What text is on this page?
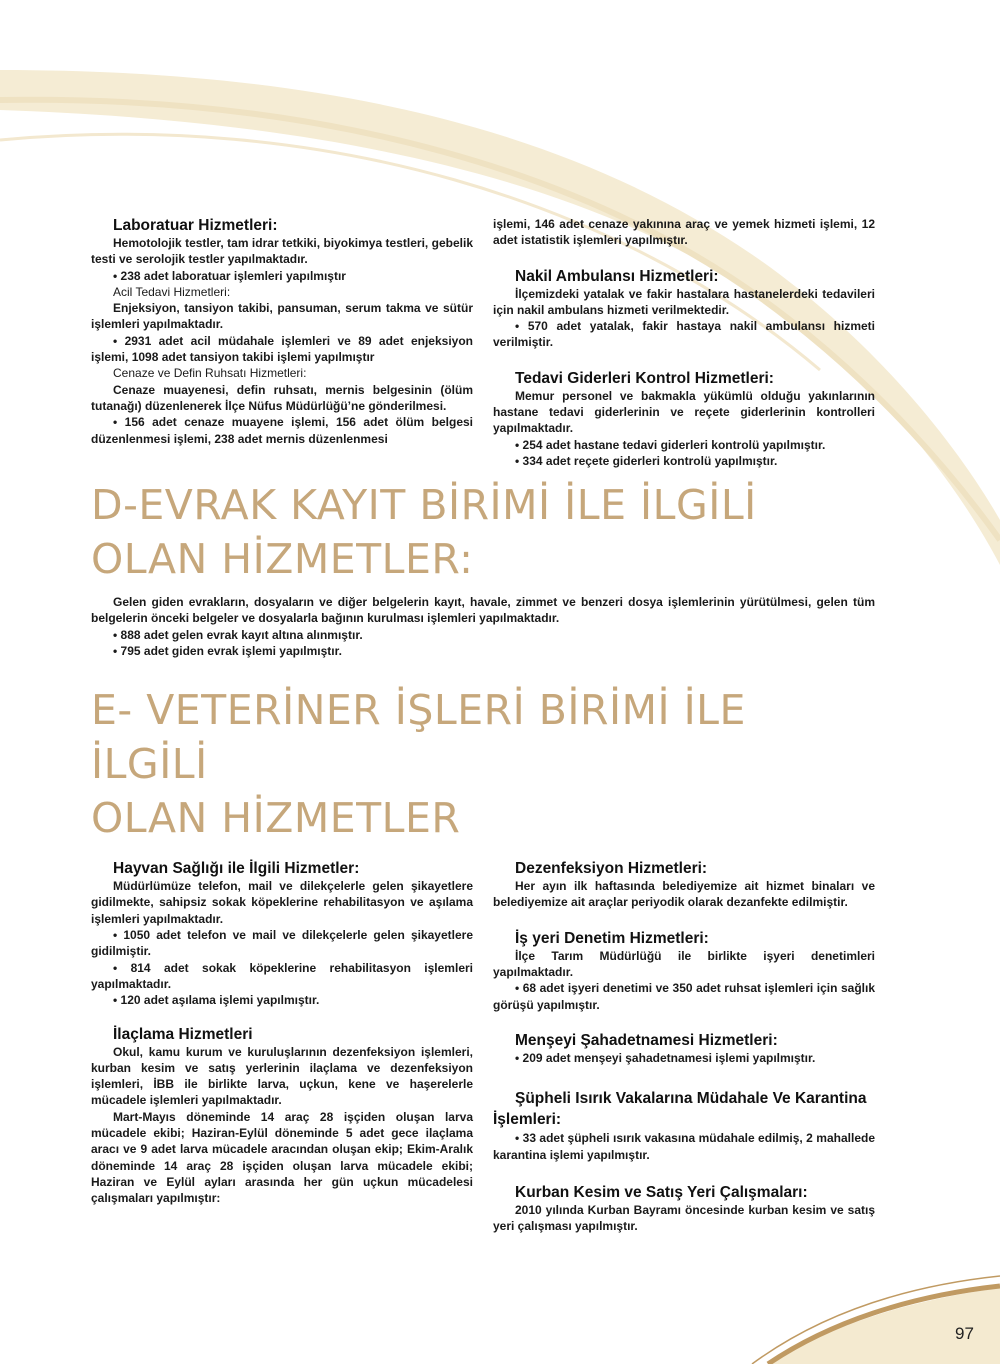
Laboratuar Hizmetleri:

Hemotolojik testler, tam idrar tetkiki, biyokimya testleri, gebelik testi ve serolojik testler yapılmaktadır.

• 238 adet laboratuar işlemleri yapılmıştır

Acil Tedavi Hizmetleri:

Enjeksiyon, tansiyon takibi, pansuman, serum takma ve sütür işlemleri yapılmaktadır.

• 2931 adet acil müdahale işlemleri ve 89 adet enjeksiyon işlemi, 1098 adet tansiyon takibi işlemi yapılmıştır

Cenaze ve Defin Ruhsatı Hizmetleri:

Cenaze muayenesi, defin ruhsatı, mernis belgesinin (ölüm tutanağı) düzenlenerek İlçe Nüfus Müdürlüğü’ne gönderilmesi.

• 156 adet cenaze muayene işlemi, 156 adet ölüm belgesi düzenlenmesi işlemi, 238 adet mernis düzenlenmesi

işlemi, 146 adet cenaze yakınına araç ve yemek hizmeti işlemi, 12 adet istatistik işlemleri yapılmıştır.

Nakil Ambulansı Hizmetleri:

İlçemizdeki yatalak ve fakir hastalara hastanelerdeki tedavileri için nakil ambulans hizmeti verilmektedir.

• 570 adet yatalak, fakir hastaya nakil ambulansı hizmeti verilmiştir.

Tedavi Giderleri Kontrol Hizmetleri:

Memur personel ve bakmakla yükümlü olduğu yakınlarının hastane tedavi giderlerinin ve reçete giderlerinin kontrolleri yapılmaktadır.

• 254 adet hastane tedavi giderleri kontrolü yapılmıştır.

• 334 adet reçete giderleri kontrolü yapılmıştır.

D-EVRAK KAYIT BİRİMİ İLE İLGİLİ
OLAN HİZMETLER:

Gelen giden evrakların, dosyaların ve diğer belgelerin kayıt, havale, zimmet ve benzeri dosya işlemlerinin yürütülmesi, gelen tüm belgelerin önceki belgeler ve dosyalarla bağının kurulması işlemleri yapılmaktadır.

• 888 adet gelen evrak kayıt altına alınmıştır.

• 795 adet giden evrak işlemi yapılmıştır.

E- VETERİNER İŞLERİ BİRİMİ İLE İLGİLİ
OLAN HİZMETLER
Hayvan Sağlığı ile İlgili Hizmetler:

Müdürlümüze telefon, mail ve dilekçelerle gelen şikayetlere gidilmekte, sahipsiz sokak köpeklerine rehabilitasyon ve aşılama işlemleri yapılmaktadır.

• 1050 adet telefon ve mail ve dilekçelerle gelen şikayetlere gidilmiştir.

• 814 adet sokak köpeklerine rehabilitasyon işlemleri yapılmaktadır.

• 120 adet aşılama işlemi yapılmıştır.

İlaçlama Hizmetleri

Okul, kamu kurum ve kuruluşlarının dezenfeksiyon işlemleri, kurban kesim ve satış yerlerinin ilaçlama ve dezenfeksiyon işlemleri, İBB ile birlikte larva, uçkun, kene ve haşerelerle mücadele işlemleri yapılmaktadır.

Mart-Mayıs döneminde 14 araç 28 işçiden oluşan larva mücadele ekibi; Haziran-Eylül döneminde 5 adet gece ilaçlama aracı ve 9 adet larva mücadele aracından oluşan ekip; Ekim-Aralık döneminde 14 araç 28 işçiden oluşan larva mücadele ekibi; Haziran ve Eylül ayları arasında her gün uçkun mücadelesi çalışmaları yapılmıştır:

Dezenfeksiyon Hizmetleri:

Her ayın ilk haftasında belediyemize ait hizmet binaları ve belediyemize ait araçlar periyodik olarak dezanfekte edilmiştir.

İş yeri Denetim Hizmetleri:

İlçe Tarım Müdürlüğü ile birlikte işyeri denetimleri yapılmaktadır.

• 68 adet işyeri denetimi ve 350 adet ruhsat işlemleri için sağlık görüşü yapılmıştır.

Menşeyi Şahadetnamesi Hizmetleri:

• 209 adet menşeyi şahadetnamesi işlemi yapılmıştır.

Şüpheli Isırık Vakalarına Müdahale Ve Karantina İşlemleri:

• 33 adet şüpheli ısırık vakasına müdahale edilmiş, 2 mahallede karantina işlemi yapılmıştır.

Kurban Kesim ve Satış Yeri Çalışmaları:

2010 yılında Kurban Bayramı öncesinde kurban kesim ve satış yeri çalışması yapılmıştır.

97
